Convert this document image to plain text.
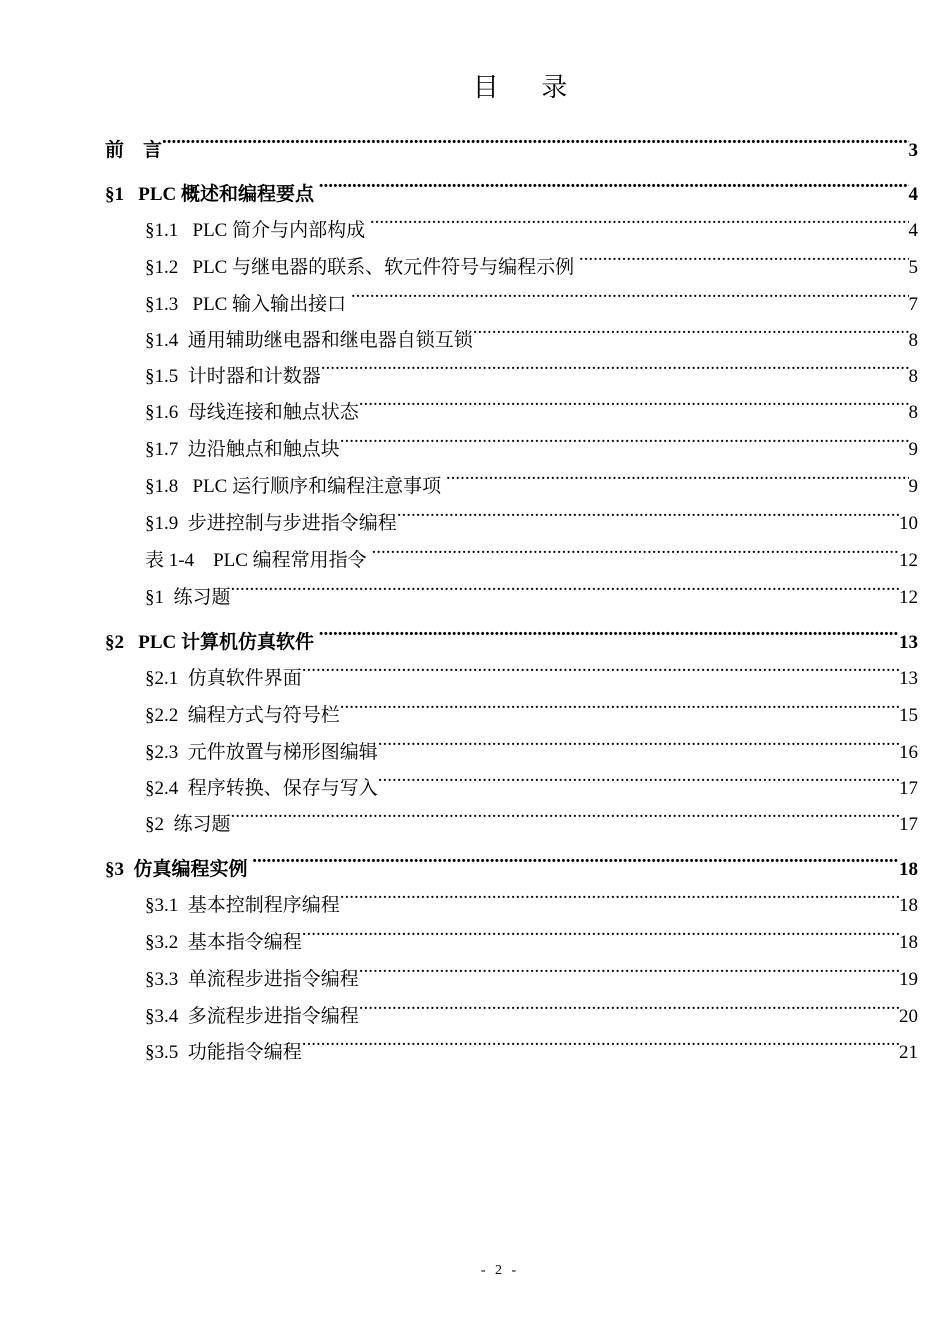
目 录
前    言 .....	3
§1   PLC 概述和编程要点 .....	4
§1.1   PLC 简介与内部构成 .....	4
§1.2   PLC 与继电器的联系、软元件符号与编程示例 .....	5
§1.3   PLC 输入输出接口 .....	7
§1.4  通用辅助继电器和继电器自锁互锁 .....	8
§1.5  计时器和计数器 .....	8
§1.6  母线连接和触点状态 .....	8
§1.7  边沿触点和触点块 .....	9
§1.8   PLC 运行顺序和编程注意事项 .....	9
§1.9  步进控制与步进指令编程 .....	10
表 1-4    PLC 编程常用指令 .....	12
§1  练习题 .....	12
§2   PLC 计算机仿真软件 .....	13
§2.1  仿真软件界面 .....	13
§2.2  编程方式与符号栏 .....	15
§2.3  元件放置与梯形图编辑 .....	16
§2.4  程序转换、保存与写入 .....	17
§2  练习题 .....	17
§3  仿真编程实例 .....	18
§3.1  基本控制程序编程 .....	18
§3.2  基本指令编程 .....	18
§3.3  单流程步进指令编程 .....	19
§3.4  多流程步进指令编程 .....	20
§3.5  功能指令编程 .....	21
- 2 -
